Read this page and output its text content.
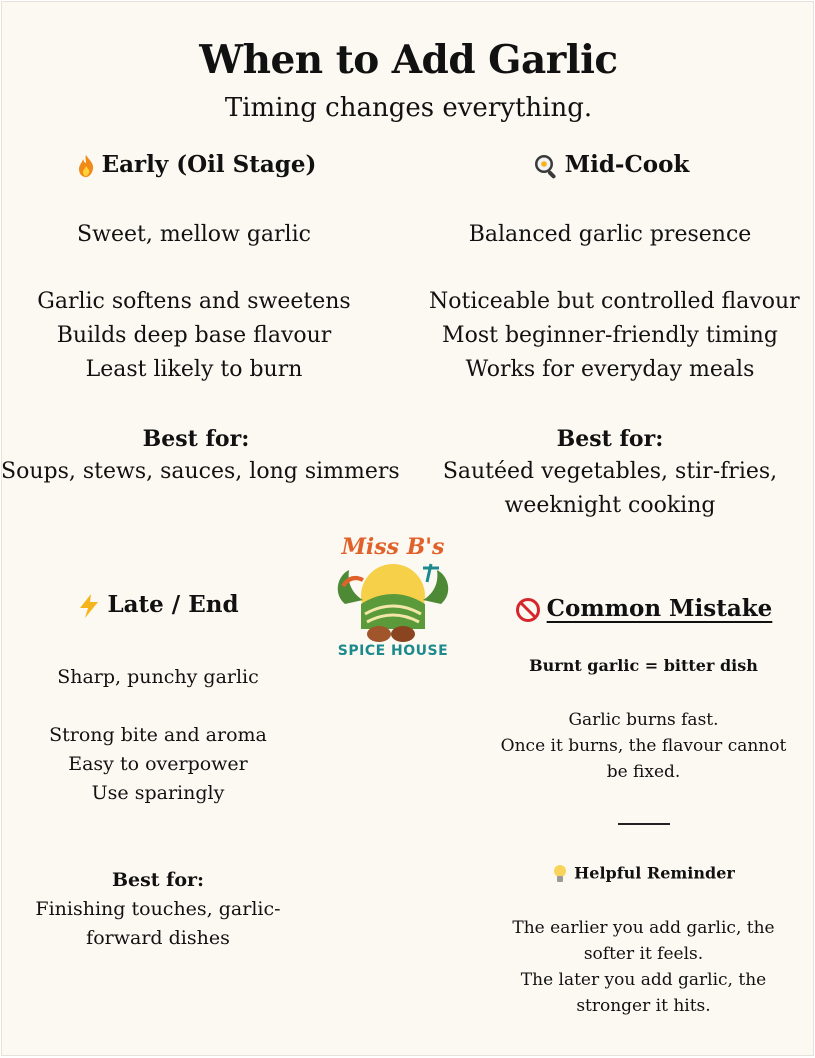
When to Add Garlic
Timing changes everything.
Early (Oil Stage)
Sweet, mellow garlic
Garlic softens and sweetens
Builds deep base flavour
Least likely to burn
Best for:
Soups, stews, sauces, long simmers
Mid-Cook
Balanced garlic presence
Noticeable but controlled flavour
Most beginner-friendly timing
Works for everyday meals
Best for:
Sautéed vegetables, stir-fries,
weeknight cooking
Miss B's
SPICE HOUSE
Late / End
Sharp, punchy garlic
Strong bite and aroma
Easy to overpower
Use sparingly
Best for:
Finishing touches, garlic-
forward dishes
Common Mistake
Burnt garlic = bitter dish
Garlic burns fast.
Once it burns, the flavour cannot
be fixed.
Helpful Reminder
The earlier you add garlic, the
softer it feels.
The later you add garlic, the
stronger it hits.
